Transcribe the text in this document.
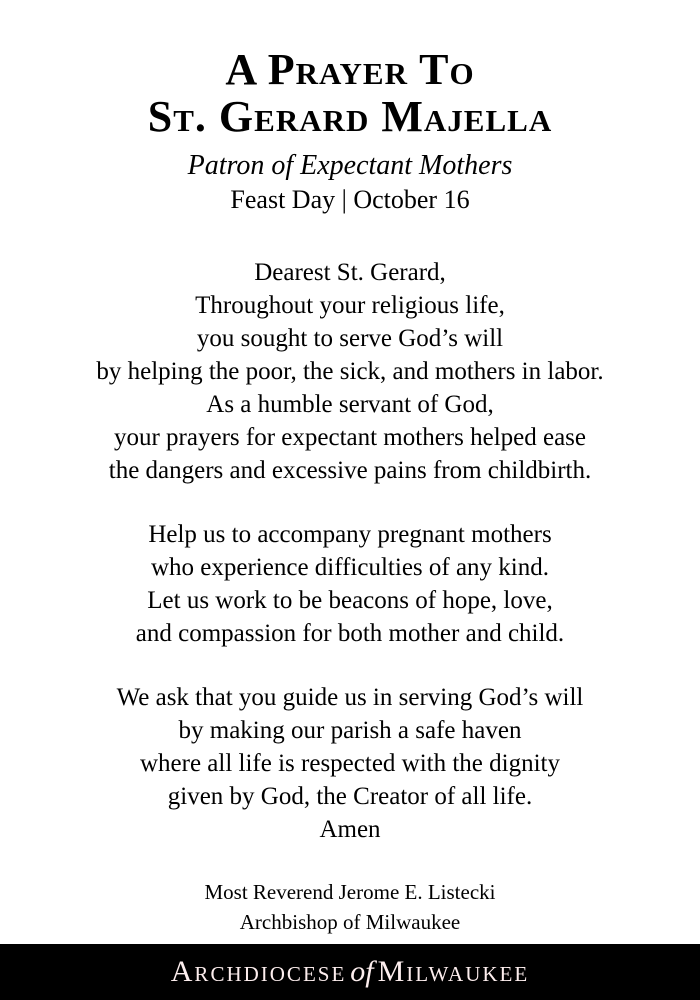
A Prayer To
St. Gerard Majella
Patron of Expectant Mothers
Feast Day | October 16
Dearest St. Gerard,
Throughout your religious life,
you sought to serve God’s will
by helping the poor, the sick, and mothers in labor.
As a humble servant of God,
your prayers for expectant mothers helped ease
the dangers and excessive pains from childbirth.
Help us to accompany pregnant mothers
who experience difficulties of any kind.
Let us work to be beacons of hope, love,
and compassion for both mother and child.
We ask that you guide us in serving God’s will
by making our parish a safe haven
where all life is respected with the dignity
given by God, the Creator of all life.
Amen
Most Reverend Jerome E. Listecki
Archbishop of Milwaukee
Archdiocese of Milwaukee
